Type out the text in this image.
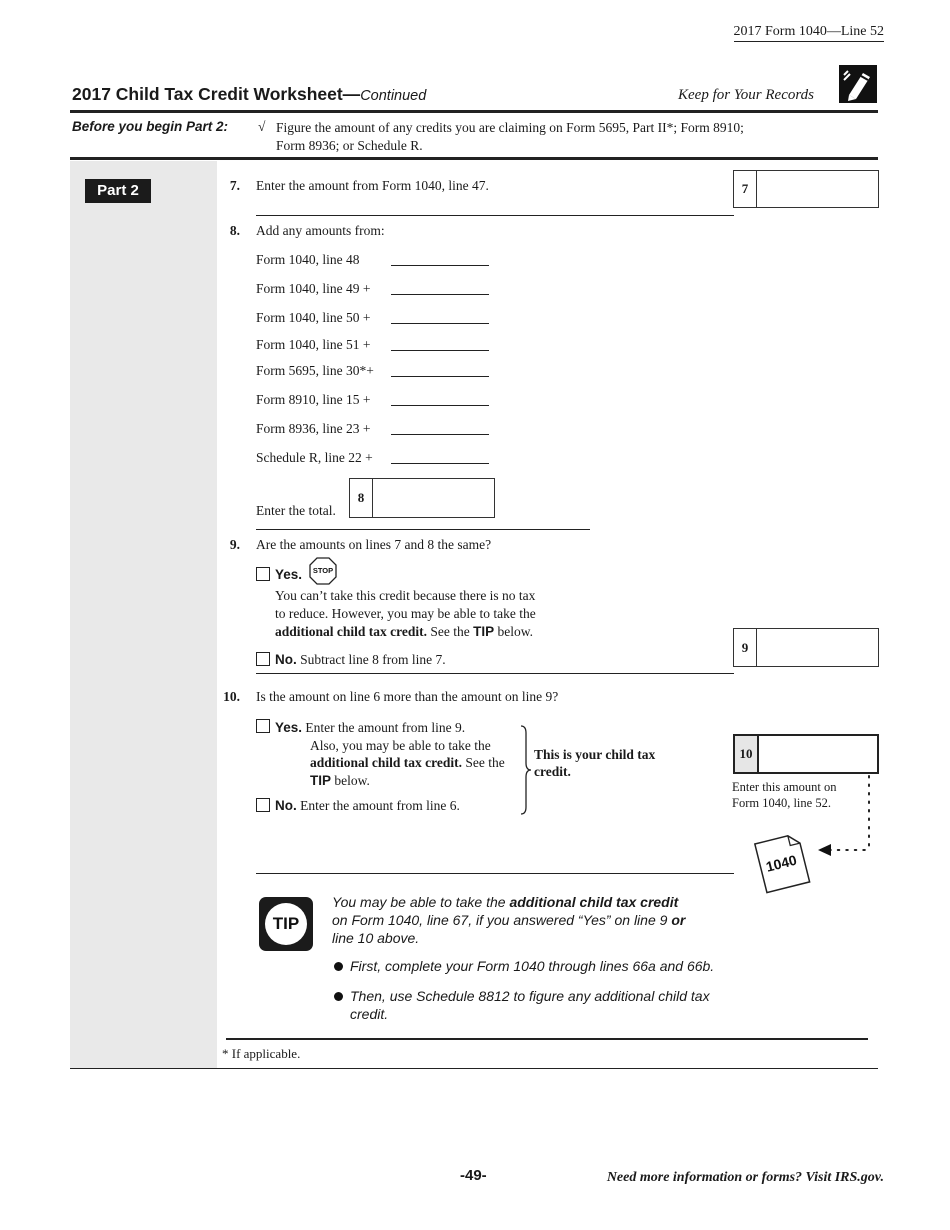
2017 Form 1040—Line 52
2017 Child Tax Credit Worksheet—Continued	Keep for Your Records
Before you begin Part 2: √ Figure the amount of any credits you are claiming on Form 5695, Part II*; Form 8910;
Form 8936; or Schedule R.
Part 2	7. Enter the amount from Form 1040, line 47.	7
8. Add any amounts from:
Form 1040, line 48
Form 1040, line 49 +
Form 1040, line 50 +
Form 1040, line 51 +
Form 5695, line 30*+
Form 8910, line 15 +
Form 8936, line 23 +
Schedule R, line 22 +
Enter the total.
8
9. Are the amounts on lines 7 and 8 the same?
Yes. STOP
You can’t take this credit because there is no tax
to reduce. However, you may be able to take the
additional child tax credit. See the TIP below.
No. Subtract line 8 from line 7.
9
10. Is the amount on line 6 more than the amount on line 9?
Yes. Enter the amount from line 9.
Also, you may be able to take the
additional child tax credit. See the
TIP below.
No. Enter the amount from line 6.
This is your child tax
credit.
10
Enter this amount on
Form 1040, line 52.
1040
TIP
You may be able to take the additional child tax credit
on Form 1040, line 67, if you answered “Yes” on line 9 or
line 10 above.
First, complete your Form 1040 through lines 66a and 66b.
Then, use Schedule 8812 to figure any additional child tax
credit.
* If applicable.
-49-	Need more information or forms? Visit IRS.gov.
